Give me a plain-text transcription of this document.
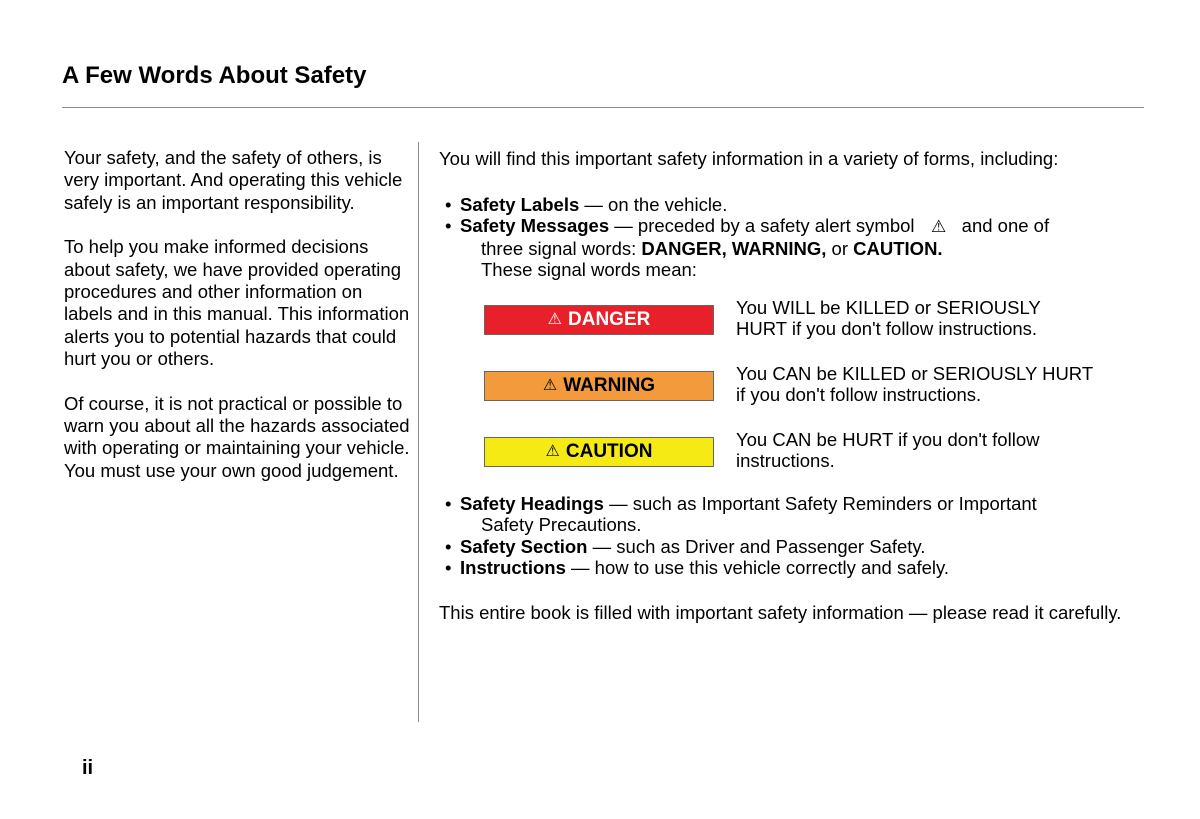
A Few Words About Safety

Your safety, and the safety of others, is very important. And operating this vehicle safely is an important responsibility.

To help you make informed decisions about safety, we have provided operating procedures and other information on labels and in this manual. This information alerts you to potential hazards that could hurt you or others.

Of course, it is not practical or possible to warn you about all the hazards associated with operating or maintaining your vehicle. You must use your own good judgement.

You will find this important safety information in a variety of forms, including:

• Safety Labels — on the vehicle.
• Safety Messages — preceded by a safety alert symbol ⚠ and one of
three signal words: DANGER, WARNING, or CAUTION.
These signal words mean:
⚠ DANGER
You WILL be KILLED or SERIOUSLY HURT if you don't follow instructions.
⚠ WARNING
You CAN be KILLED or SERIOUSLY HURT if you don't follow instructions.
⚠ CAUTION
You CAN be HURT if you don't follow instructions.
• Safety Headings — such as Important Safety Reminders or Important
Safety Precautions.
• Safety Section — such as Driver and Passenger Safety.
• Instructions — how to use this vehicle correctly and safely.

This entire book is filled with important safety information — please read it carefully.

ii
